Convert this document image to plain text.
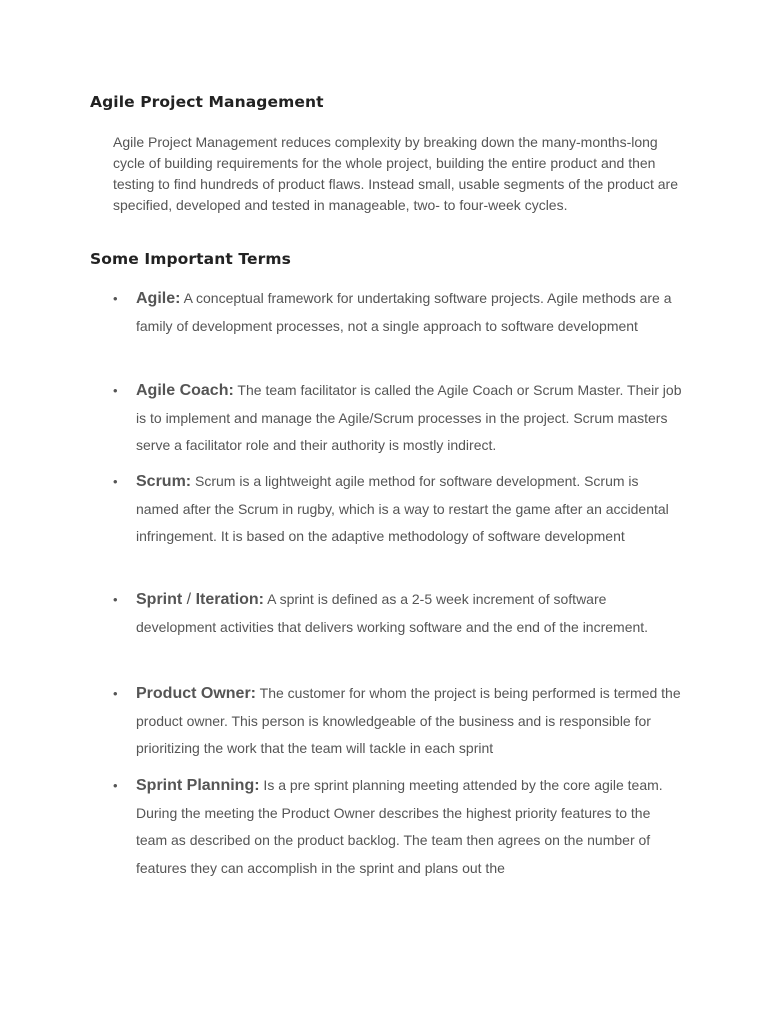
Agile Project Management

Agile Project Management reduces complexity by breaking down the many-months-long cycle of building requirements for the whole project, building the entire product and then testing to find hundreds of product flaws. Instead small, usable segments of the product are specified, developed and tested in manageable, two- to four-week cycles.

Some Important Terms
• Agile: A conceptual framework for undertaking software projects. Agile methods are a family of development processes, not a single approach to software development
• Agile Coach: The team facilitator is called the Agile Coach or Scrum Master. Their job is to implement and manage the Agile/Scrum processes in the project. Scrum masters serve a facilitator role and their authority is mostly indirect.
• Scrum: Scrum is a lightweight agile method for software development. Scrum is named after the Scrum in rugby, which is a way to restart the game after an accidental infringement. It is based on the adaptive methodology of software development
• Sprint / Iteration: A sprint is defined as a 2-5 week increment of software development activities that delivers working software and the end of the increment.
• Product Owner: The customer for whom the project is being performed is termed the product owner. This person is knowledgeable of the business and is responsible for prioritizing the work that the team will tackle in each sprint
• Sprint Planning: Is a pre sprint planning meeting attended by the core agile team. During the meeting the Product Owner describes the highest priority features to the team as described on the product backlog. The team then agrees on the number of features they can accomplish in the sprint and plans out the
